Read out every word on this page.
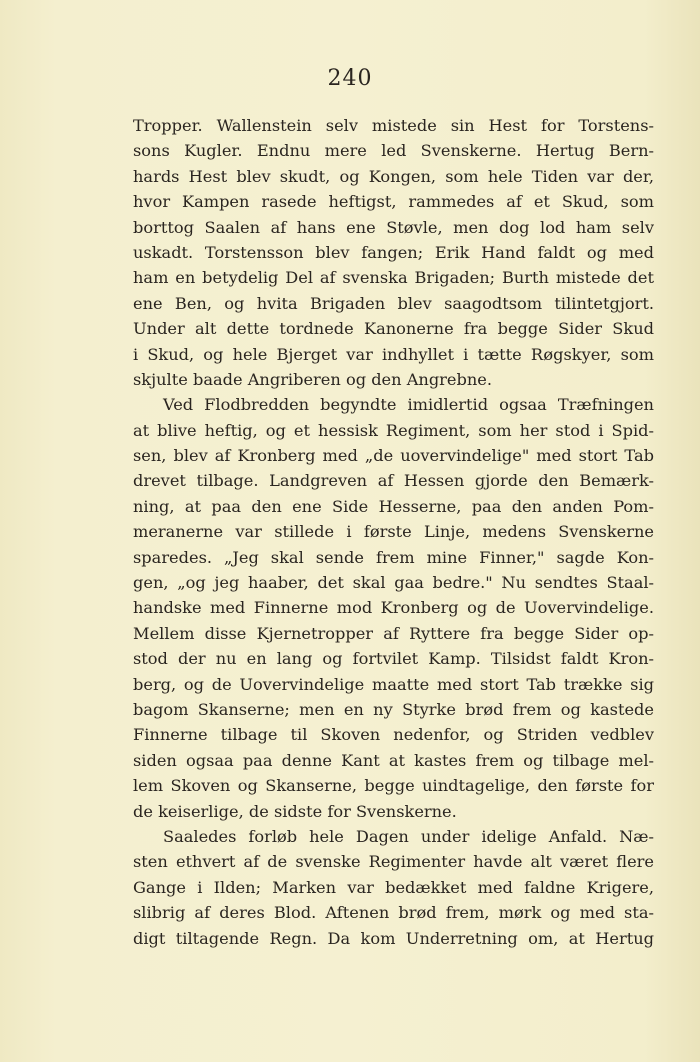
240
Tropper. Wallenstein selv mistede sin Hest for Torstens-
sons Kugler. Endnu mere led Svenskerne. Hertug Bern-
hards Hest blev skudt, og Kongen, som hele Tiden var der,
hvor Kampen rasede heftigst, rammedes af et Skud, som
borttog Saalen af hans ene Støvle, men dog lod ham selv
uskadt. Torstensson blev fangen; Erik Hand faldt og med
ham en betydelig Del af svenska Brigaden; Burth mistede det
ene Ben, og hvita Brigaden blev saagodtsom tilintetgjort.
Under alt dette tordnede Kanonerne fra begge Sider Skud
i Skud, og hele Bjerget var indhyllet i tætte Røgskyer, som
skjulte baade Angriberen og den Angrebne.
Ved Flodbredden begyndte imidlertid ogsaa Træfningen
at blive heftig, og et hessisk Regiment, som her stod i Spid-
sen, blev af Kronberg med „de uovervindelige" med stort Tab
drevet tilbage. Landgreven af Hessen gjorde den Bemærk-
ning, at paa den ene Side Hesserne, paa den anden Pom-
meranerne var stillede i første Linje, medens Svenskerne
sparedes. „Jeg skal sende frem mine Finner," sagde Kon-
gen, „og jeg haaber, det skal gaa bedre." Nu sendtes Staal-
handske med Finnerne mod Kronberg og de Uovervindelige.
Mellem disse Kjernetropper af Ryttere fra begge Sider op-
stod der nu en lang og fortvilet Kamp. Tilsidst faldt Kron-
berg, og de Uovervindelige maatte med stort Tab trække sig
bagom Skanserne; men en ny Styrke brød frem og kastede
Finnerne tilbage til Skoven nedenfor, og Striden vedblev
siden ogsaa paa denne Kant at kastes frem og tilbage mel-
lem Skoven og Skanserne, begge uindtagelige, den første for
de keiserlige, de sidste for Svenskerne.
Saaledes forløb hele Dagen under idelige Anfald. Næ-
sten ethvert af de svenske Regimenter havde alt været flere
Gange i Ilden; Marken var bedækket med faldne Krigere,
slibrig af deres Blod. Aftenen brød frem, mørk og med sta-
digt tiltagende Regn. Da kom Underretning om, at Hertug
